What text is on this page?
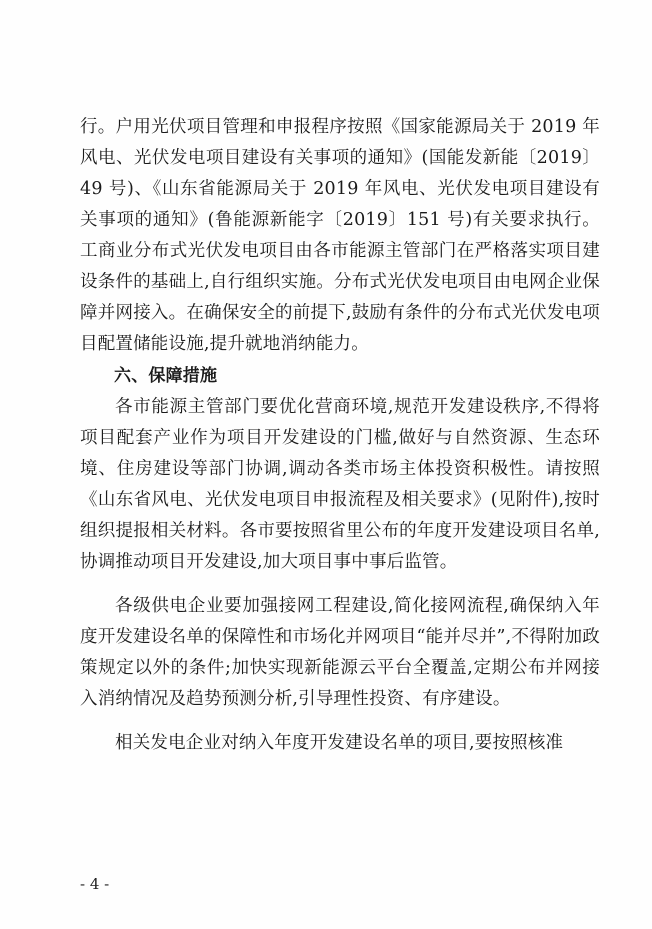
行。户用光伏项目管理和申报程序按照《国家能源局关于 2019 年风电、光伏发电项目建设有关事项的通知》(国能发新能〔2019〕49 号)、《山东省能源局关于 2019 年风电、光伏发电项目建设有关事项的通知》(鲁能源新能字〔2019〕151 号)有关要求执行。工商业分布式光伏发电项目由各市能源主管部门在严格落实项目建设条件的基础上,自行组织实施。分布式光伏发电项目由电网企业保障并网接入。在确保安全的前提下,鼓励有条件的分布式光伏发电项目配置储能设施,提升就地消纳能力。

六、保障措施

各市能源主管部门要优化营商环境,规范开发建设秩序,不得将项目配套产业作为项目开发建设的门槛,做好与自然资源、生态环境、住房建设等部门协调,调动各类市场主体投资积极性。请按照《山东省风电、光伏发电项目申报流程及相关要求》(见附件),按时组织提报相关材料。各市要按照省里公布的年度开发建设项目名单,协调推动项目开发建设,加大项目事中事后监管。

各级供电企业要加强接网工程建设,简化接网流程,确保纳入年度开发建设名单的保障性和市场化并网项目“能并尽并”,不得附加政策规定以外的条件;加快实现新能源云平台全覆盖,定期公布并网接入消纳情况及趋势预测分析,引导理性投资、有序建设。

相关发电企业对纳入年度开发建设名单的项目,要按照核准

- 4 -
